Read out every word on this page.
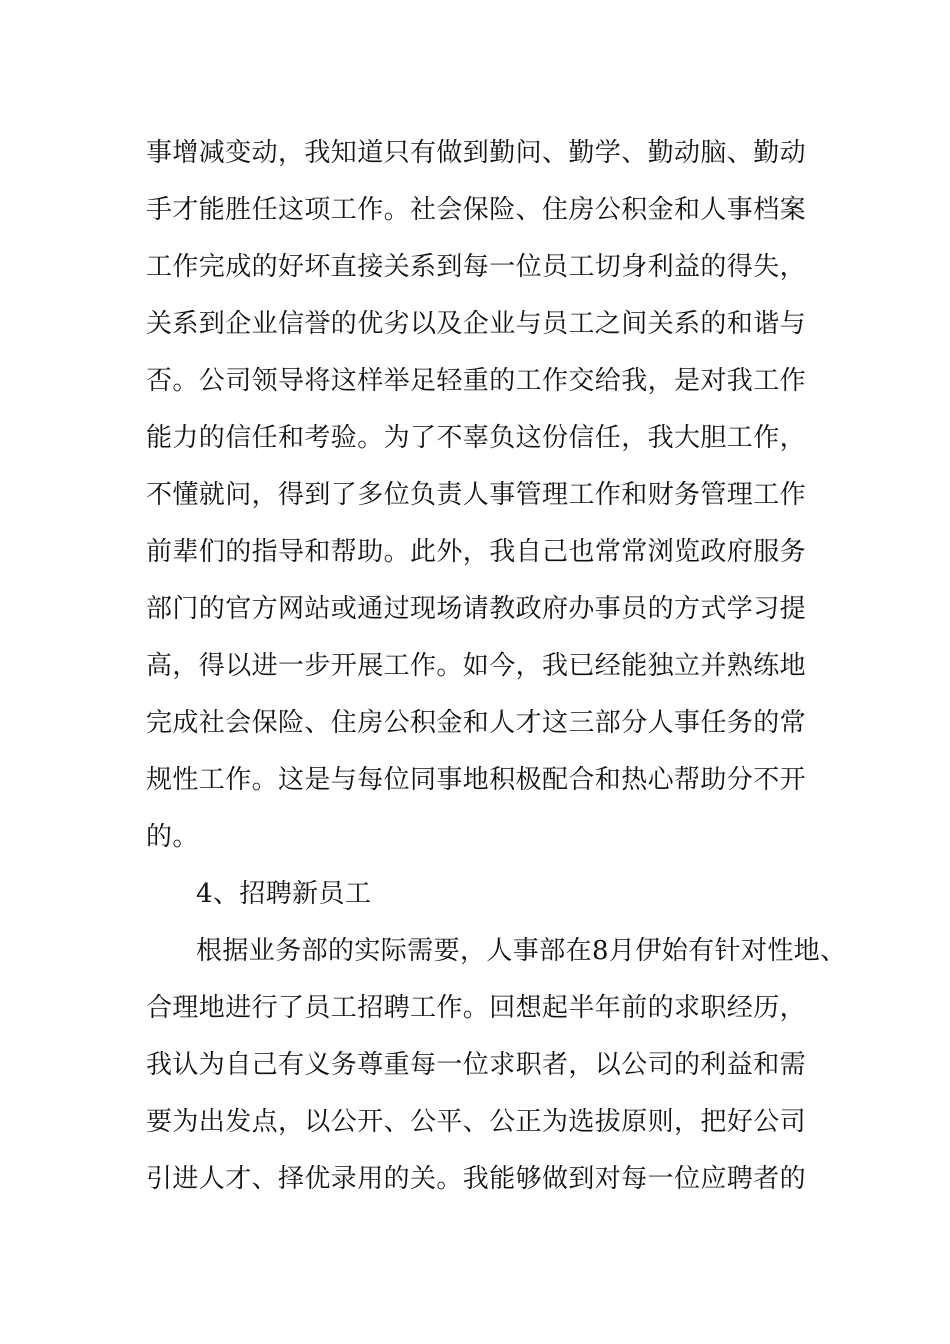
事增减变动，我知道只有做到勤问、勤学、勤动脑、勤动
手才能胜任这项工作。社会保险、住房公积金和人事档案
工作完成的好坏直接关系到每一位员工切身利益的得失，
关系到企业信誉的优劣以及企业与员工之间关系的和谐与
否。公司领导将这样举足轻重的工作交给我，是对我工作
能力的信任和考验。为了不辜负这份信任，我大胆工作，
不懂就问，得到了多位负责人事管理工作和财务管理工作
前辈们的指导和帮助。此外，我自己也常常浏览政府服务
部门的官方网站或通过现场请教政府办事员的方式学习提
高，得以进一步开展工作。如今，我已经能独立并熟练地
完成社会保险、住房公积金和人才这三部分人事任务的常
规性工作。这是与每位同事地积极配合和热心帮助分不开
的。
4、招聘新员工
根据业务部的实际需要，人事部在8月伊始有针对性地、
合理地进行了员工招聘工作。回想起半年前的求职经历，
我认为自己有义务尊重每一位求职者，以公司的利益和需
要为出发点，以公开、公平、公正为选拔原则，把好公司
引进人才、择优录用的关。我能够做到对每一位应聘者的
